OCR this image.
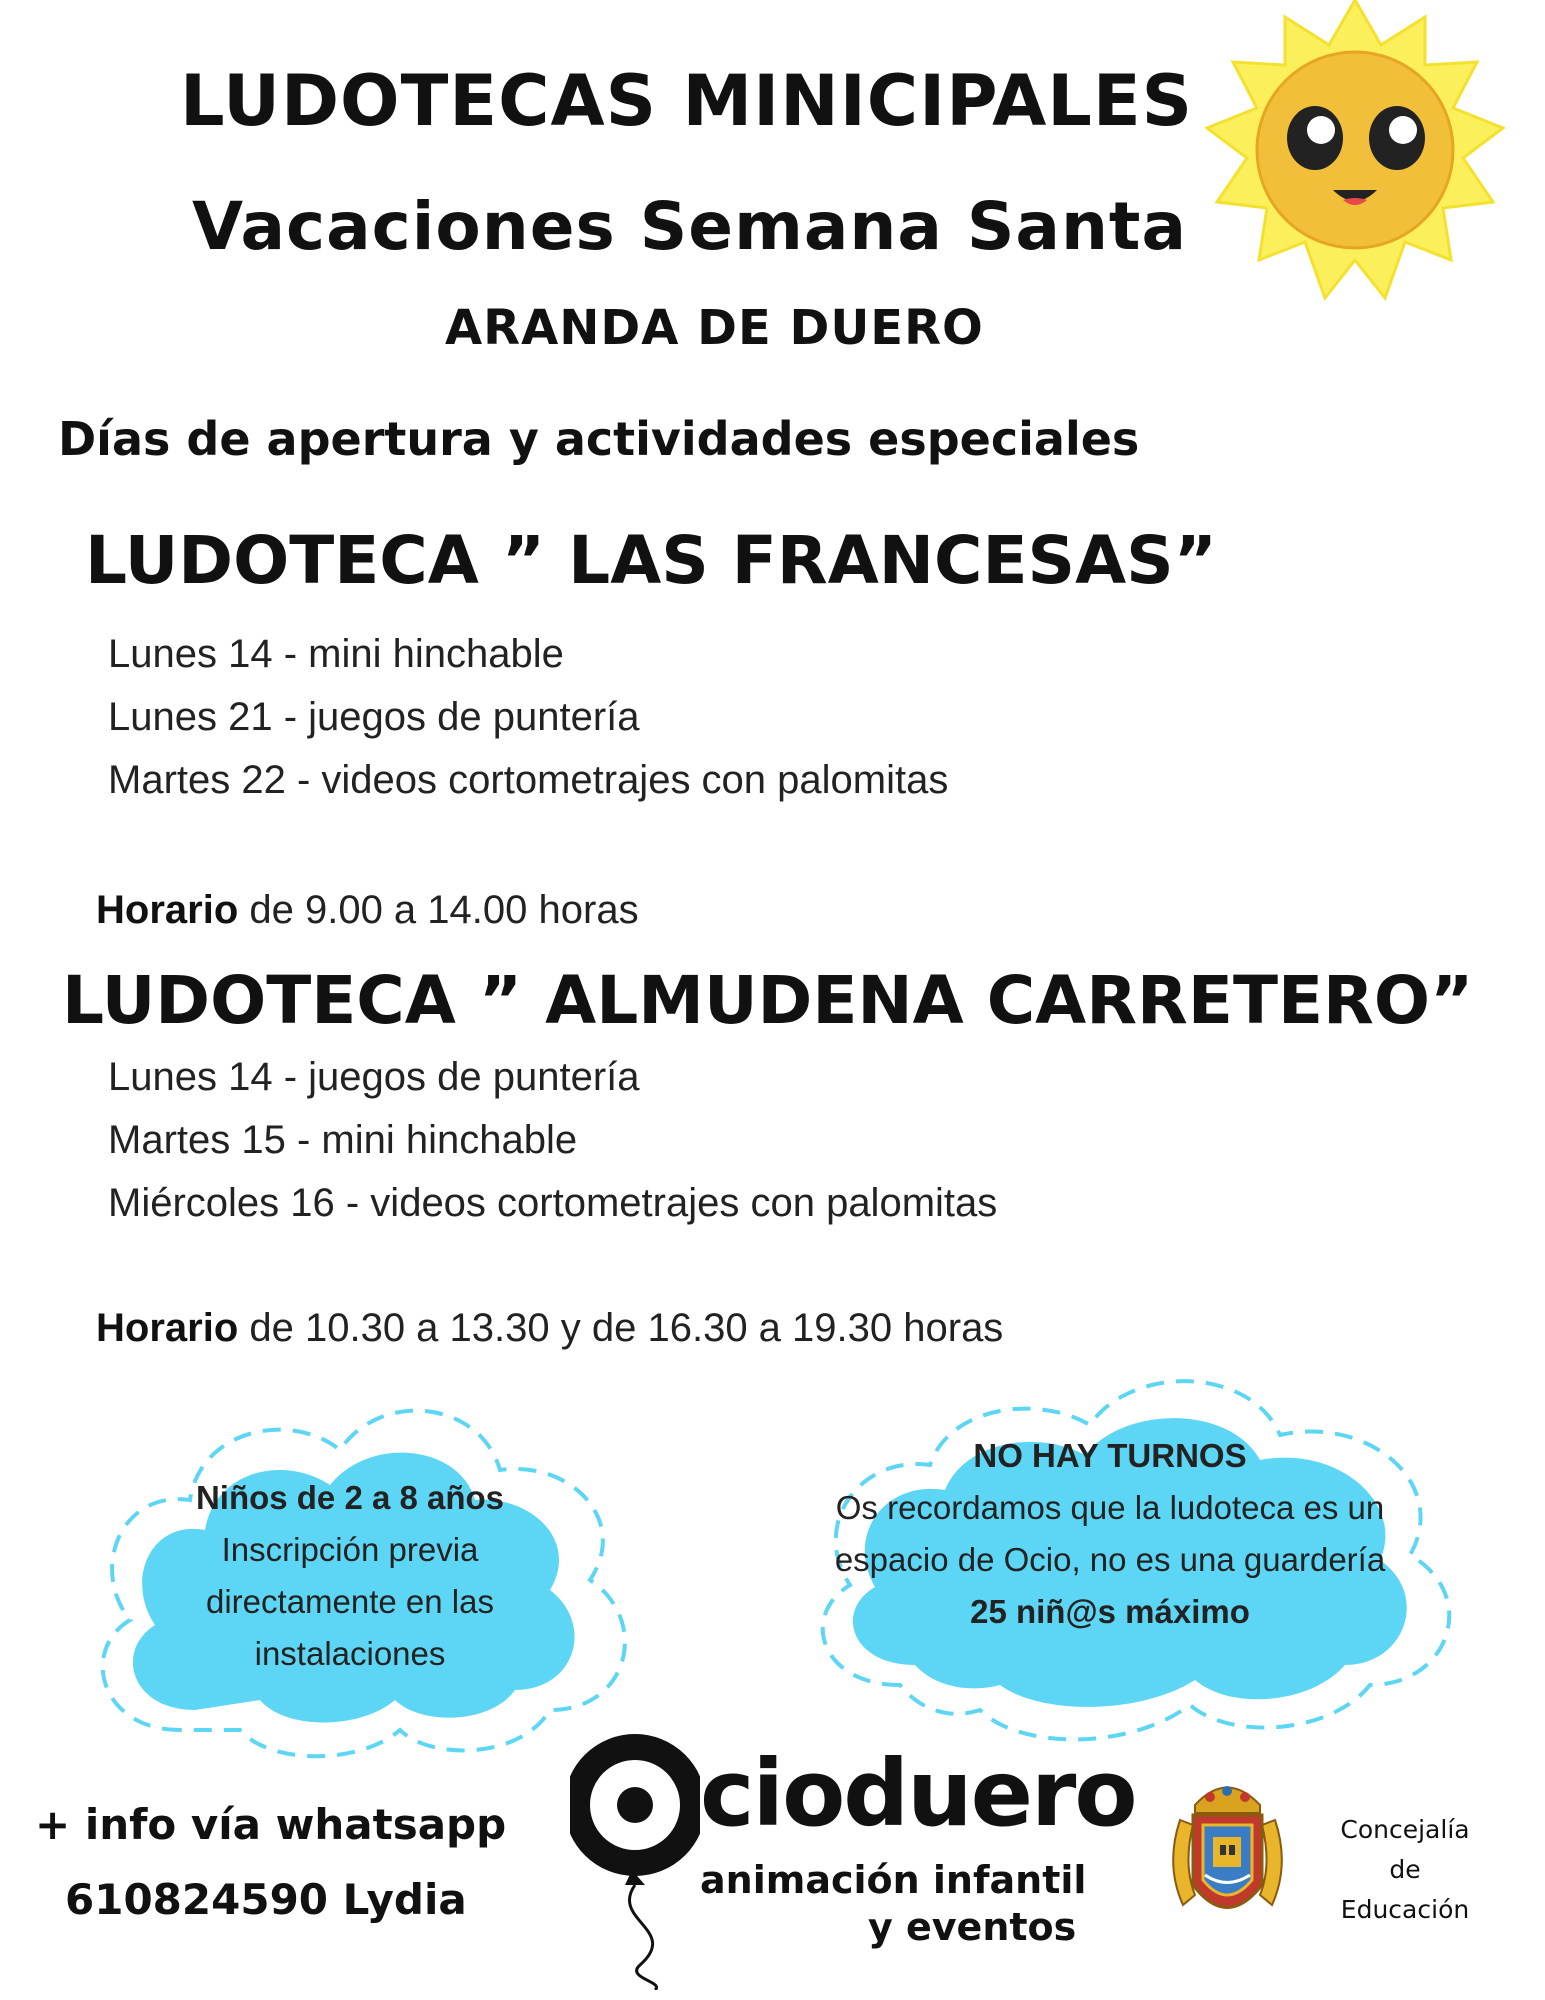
LUDOTECAS MINICIPALES
Vacaciones Semana Santa
ARANDA DE DUERO
Días de apertura y actividades especiales
LUDOTECA ” LAS FRANCESAS”
Lunes 14 - mini hinchable
Lunes 21 - juegos de puntería
Martes 22 - videos cortometrajes con palomitas
Horario de 9.00 a 14.00 horas
LUDOTECA ” ALMUDENA CARRETERO”
Lunes 14 - juegos de puntería
Martes 15 - mini hinchable
Miércoles 16 - videos cortometrajes con palomitas
Horario de 10.30 a 13.30 y de 16.30 a 19.30 horas
Niños de 2 a 8 años
Inscripción previa
directamente en las
instalaciones
NO HAY TURNOS
Os recordamos que la ludoteca es un
espacio de Ocio, no es una guardería
25 niñ@s máximo
+ info vía whatsapp
610824590 Lydia
cioduero
animación infantil
y eventos
Concejalía
de
Educación
